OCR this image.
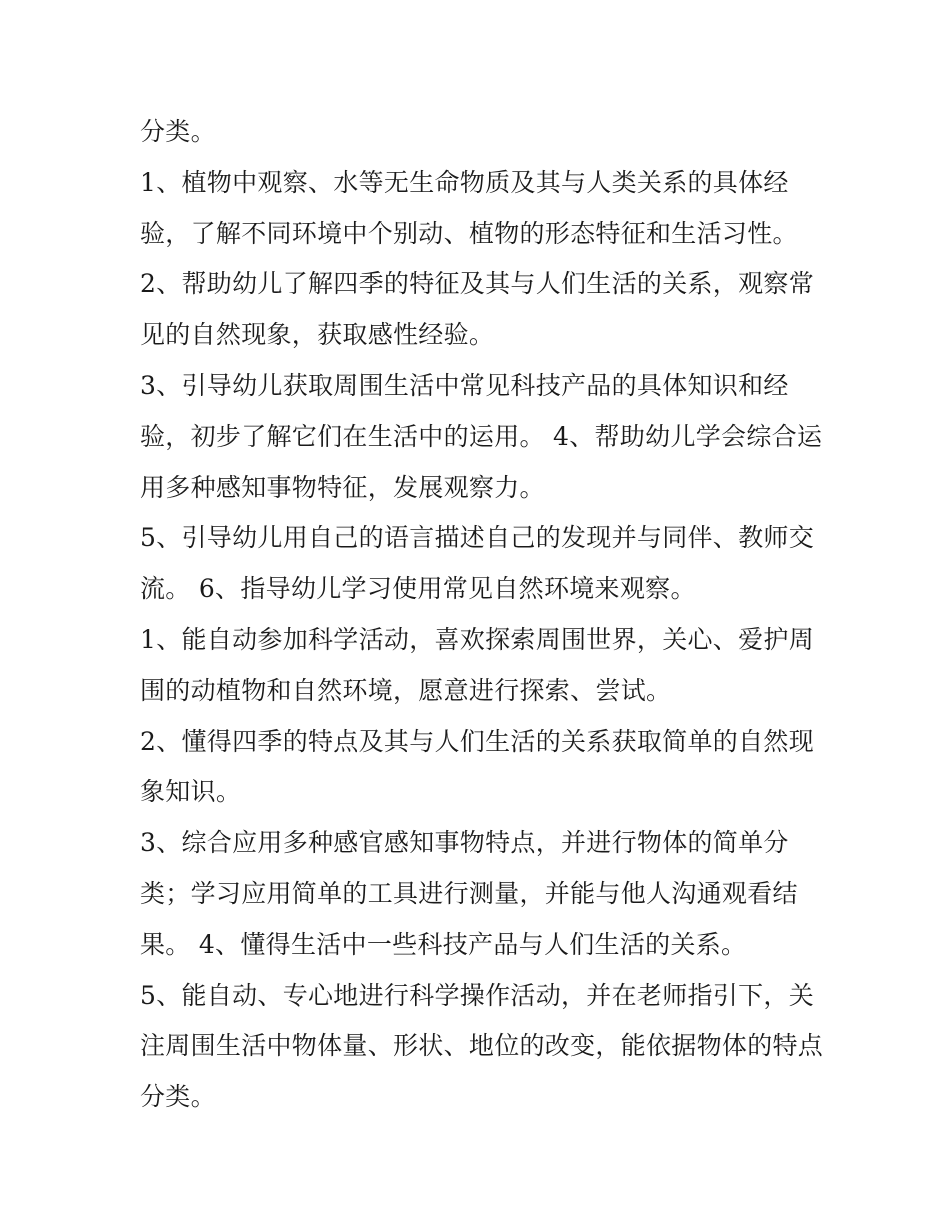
分类。
1、植物中观察、水等无生命物质及其与人类关系的具体经
验，了解不同环境中个别动、植物的形态特征和生活习性。
2、帮助幼儿了解四季的特征及其与人们生活的关系，观察常
见的自然现象，获取感性经验。
3、引导幼儿获取周围生活中常见科技产品的具体知识和经
验，初步了解它们在生活中的运用。 4、帮助幼儿学会综合运
用多种感知事物特征，发展观察力。
5、引导幼儿用自己的语言描述自己的发现并与同伴、教师交
流。 6、指导幼儿学习使用常见自然环境来观察。
1、能自动参加科学活动，喜欢探索周围世界，关心、爱护周
围的动植物和自然环境，愿意进行探索、尝试。
2、懂得四季的特点及其与人们生活的关系获取简单的自然现
象知识。
3、综合应用多种感官感知事物特点，并进行物体的简单分
类；学习应用简单的工具进行测量，并能与他人沟通观看结
果。 4、懂得生活中一些科技产品与人们生活的关系。
5、能自动、专心地进行科学操作活动，并在老师指引下，关
注周围生活中物体量、形状、地位的改变，能依据物体的特点
分类。
